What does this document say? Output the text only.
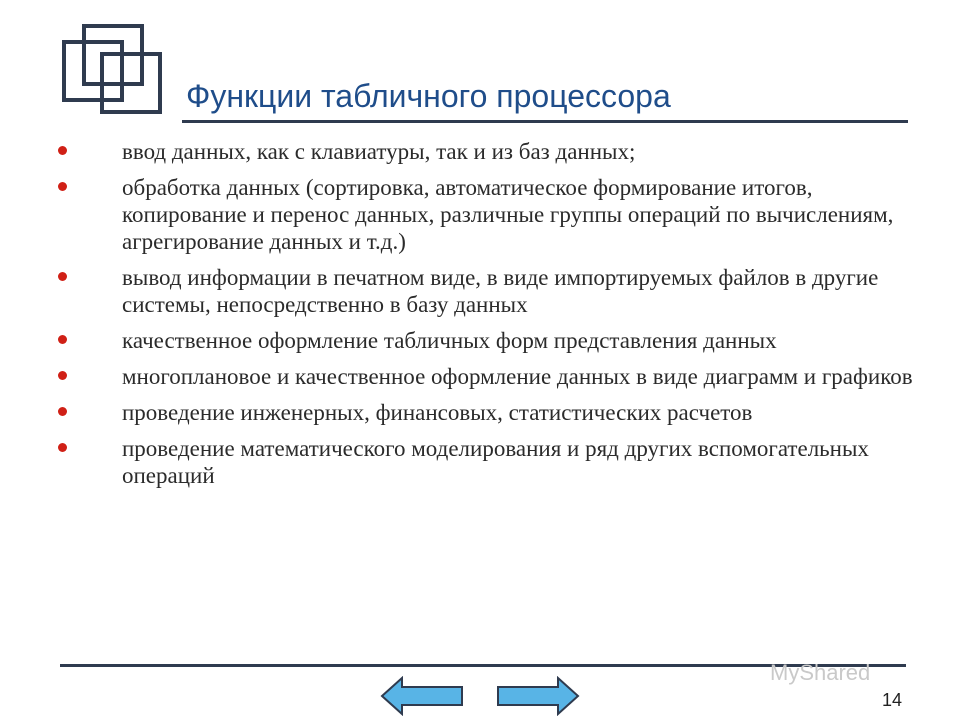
Функции табличного процессора
ввод данных, как с клавиатуры, так и из баз данных;
обработка данных (сортировка, автоматическое формирование итогов, копирование и перенос данных, различные группы операций по вычислениям, агрегирование данных и т.д.)
вывод информации в печатном виде, в виде импортируемых файлов в другие системы, непосредственно в базу данных
качественное оформление табличных форм представления данных
многоплановое и качественное оформление данных в виде диаграмм и графиков
проведение инженерных, финансовых, статистических расчетов
проведение математического моделирования и ряд других вспомогательных операций
MyShared
14
